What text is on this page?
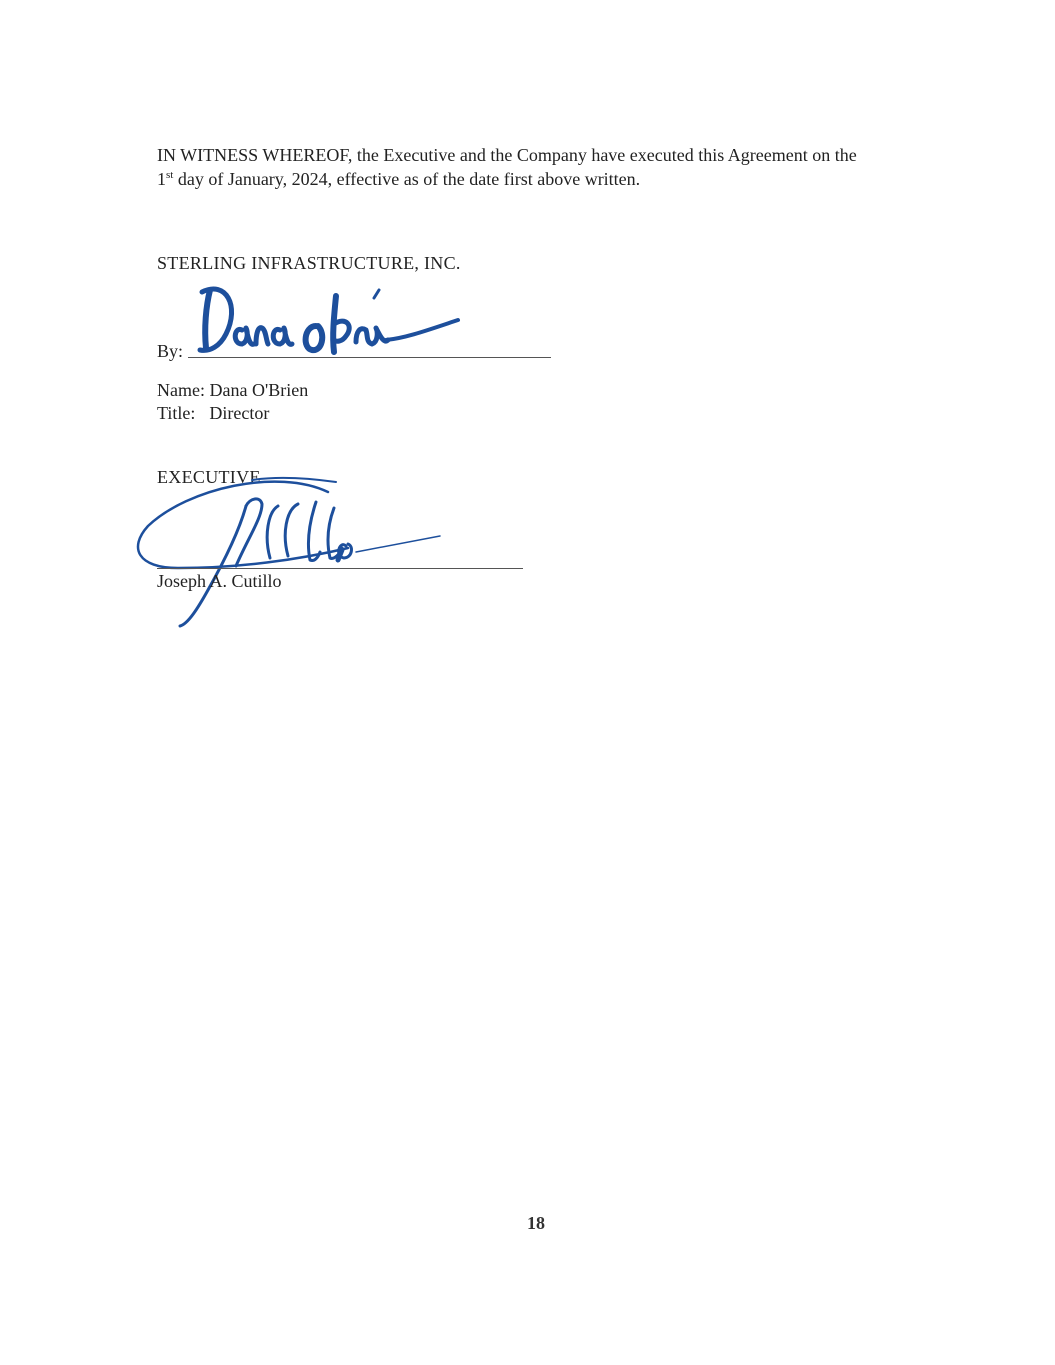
IN WITNESS WHEREOF, the Executive and the Company have executed this Agreement on the
1st day of January, 2024, effective as of the date first above written.
STERLING INFRASTRUCTURE, INC.
By:
Name: Dana O'Brien
Title: Director
EXECUTIVE
Joseph A. Cutillo
18
